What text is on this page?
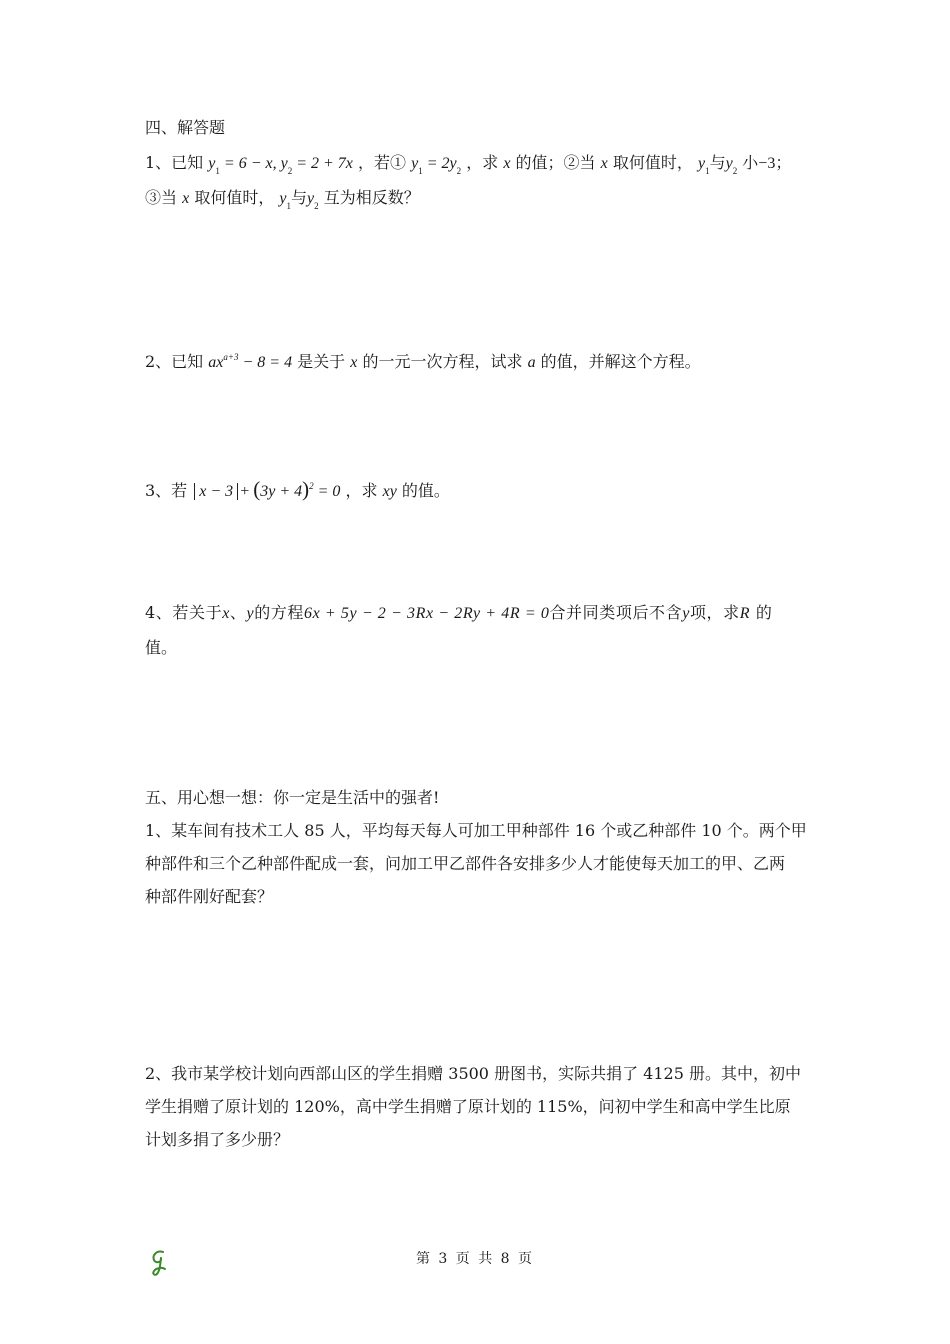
四、解答题
1、已知 $y_1 = 6 - x$, $y_2 = 2 + 7x$ ，若① $y_1 = 2y_2$ ，求 x 的值；②当 x 取何值时， $y_1$与$y_2$ 小−3；
③当 x 取何值时， $y_1$与$y_2$ 互为相反数？
2、已知 $ax^{a+3} - 8 = 4$ 是关于 x 的一元一次方程，试求 a 的值，并解这个方程。
3、若 $x - 3 + (3y + 4)^2 = 0$ ，求 xy 的值。
4、若关于x、y的方程6x + 5y − 2 − 3Rx − 2Ry + 4R = 0合并同类项后不含y项，求R 的
值。
五、用心想一想：你一定是生活中的强者!
1、某车间有技术工人 85 人，平均每天每人可加工甲种部件 16 个或乙种部件 10 个。两个甲
种部件和三个乙种部件配成一套，问加工甲乙部件各安排多少人才能使每天加工的甲、乙两
种部件刚好配套？
2、我市某学校计划向西部山区的学生捐赠 3500 册图书，实际共捐了 4125 册。其中，初中
学生捐赠了原计划的 120%，高中学生捐赠了原计划的 115%，问初中学生和高中学生比原
计划多捐了多少册？
第 3 页 共 8 页
